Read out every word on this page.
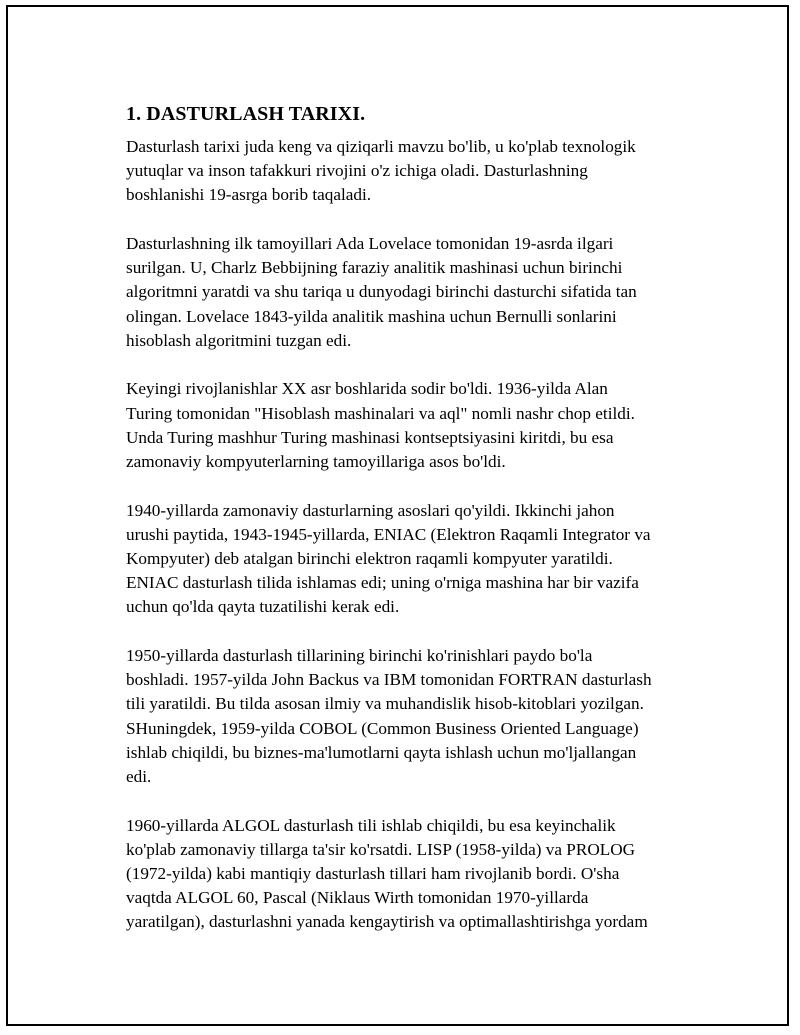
1. DASTURLASH TARIXI.

Dasturlash tarixi juda keng va qiziqarli mavzu bo'lib, u ko'plab texnologik
yutuqlar va inson tafakkuri rivojini o'z ichiga oladi. Dasturlashning
boshlanishi 19-asrga borib taqaladi.

Dasturlashning ilk tamoyillari Ada Lovelace tomonidan 19-asrda ilgari
surilgan. U, Charlz Bebbijning faraziy analitik mashinasi uchun birinchi
algoritmni yaratdi va shu tariqa u dunyodagi birinchi dasturchi sifatida tan
olingan. Lovelace 1843-yilda analitik mashina uchun Bernulli sonlarini
hisoblash algoritmini tuzgan edi.

Keyingi rivojlanishlar XX asr boshlarida sodir bo'ldi. 1936-yilda Alan
Turing tomonidan "Hisoblash mashinalari va aql" nomli nashr chop etildi.
Unda Turing mashhur Turing mashinasi kontseptsiyasini kiritdi, bu esa
zamonaviy kompyuterlarning tamoyillariga asos bo'ldi.

1940-yillarda zamonaviy dasturlarning asoslari qo'yildi. Ikkinchi jahon
urushi paytida, 1943-1945-yillarda, ENIAC (Elektron Raqamli Integrator va
Kompyuter) deb atalgan birinchi elektron raqamli kompyuter yaratildi.
ENIAC dasturlash tilida ishlamas edi; uning o'rniga mashina har bir vazifa
uchun qo'lda qayta tuzatilishi kerak edi.

1950-yillarda dasturlash tillarining birinchi ko'rinishlari paydo bo'la
boshladi. 1957-yilda John Backus va IBM tomonidan FORTRAN dasturlash
tili yaratildi. Bu tilda asosan ilmiy va muhandislik hisob-kitoblari yozilgan.
SHuningdek, 1959-yilda COBOL (Common Business Oriented Language)
ishlab chiqildi, bu biznes-ma'lumotlarni qayta ishlash uchun mo'ljallangan
edi.

1960-yillarda ALGOL dasturlash tili ishlab chiqildi, bu esa keyinchalik
ko'plab zamonaviy tillarga ta'sir ko'rsatdi. LISP (1958-yilda) va PROLOG
(1972-yilda) kabi mantiqiy dasturlash tillari ham rivojlanib bordi. O'sha
vaqtda ALGOL 60, Pascal (Niklaus Wirth tomonidan 1970-yillarda
yaratilgan), dasturlashni yanada kengaytirish va optimallashtirishga yordam
